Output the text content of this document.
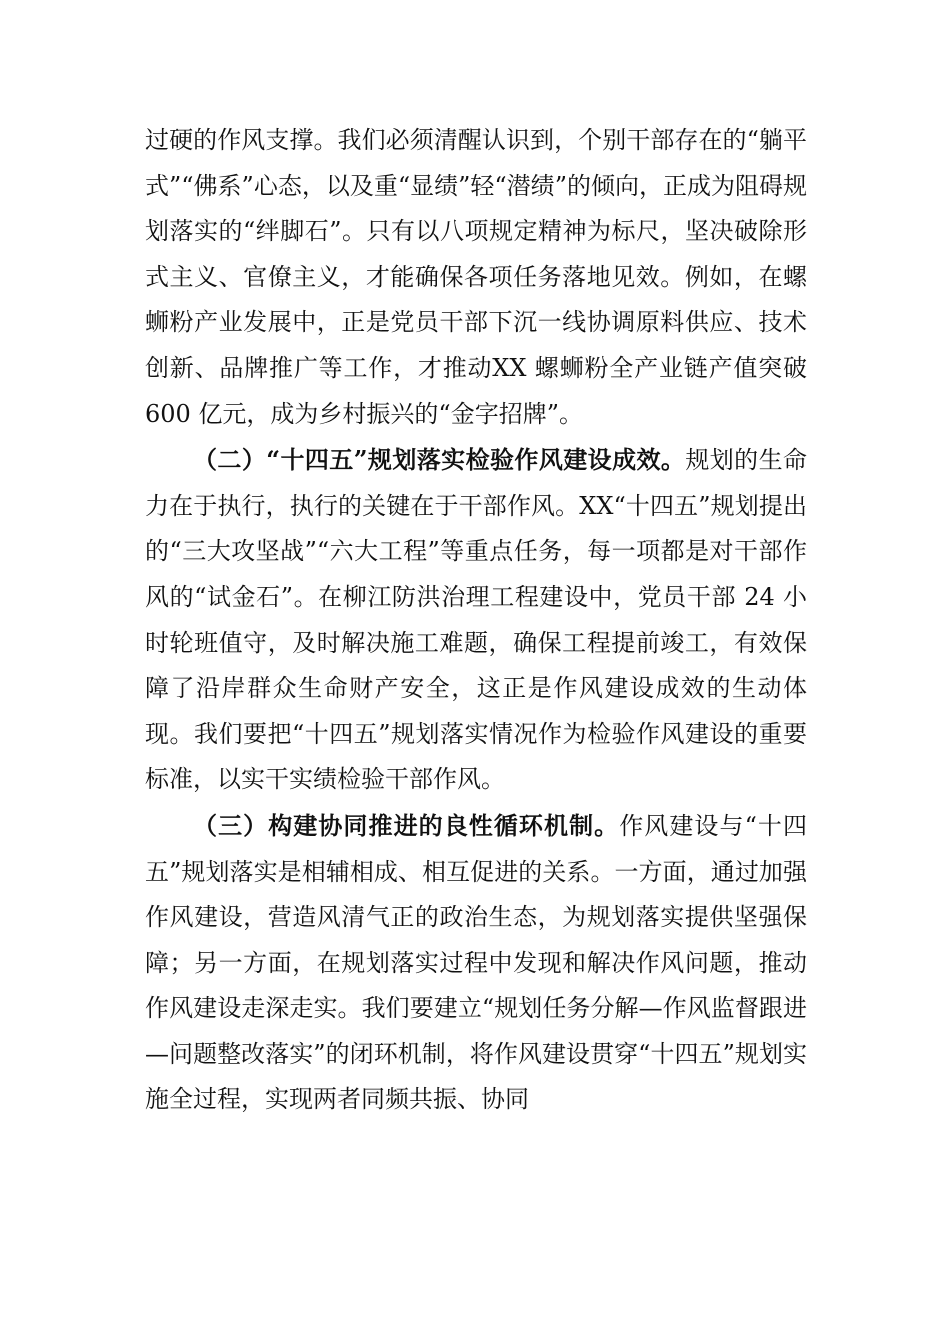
过硬的作风支撑。我们必须清醒认识到，个别干部存在的“躺平式”“佛系”心态，以及重“显绩”轻“潜绩”的倾向，正成为阻碍规划落实的“绊脚石”。只有以八项规定精神为标尺，坚决破除形式主义、官僚主义，才能确保各项任务落地见效。例如，在螺蛳粉产业发展中，正是党员干部下沉一线协调原料供应、技术创新、品牌推广等工作，才推动XX 螺蛳粉全产业链产值突破 600 亿元，成为乡村振兴的“金字招牌”。

（二）“十四五”规划落实检验作风建设成效。规划的生命力在于执行，执行的关键在于干部作风。XX“十四五”规划提出的“三大攻坚战”“六大工程”等重点任务，每一项都是对干部作风的“试金石”。在柳江防洪治理工程建设中，党员干部 24 小时轮班值守，及时解决施工难题，确保工程提前竣工，有效保障了沿岸群众生命财产安全，这正是作风建设成效的生动体现。我们要把“十四五”规划落实情况作为检验作风建设的重要标准，以实干实绩检验干部作风。

（三）构建协同推进的良性循环机制。作风建设与“十四五”规划落实是相辅相成、相互促进的关系。一方面，通过加强作风建设，营造风清气正的政治生态，为规划落实提供坚强保障；另一方面，在规划落实过程中发现和解决作风问题，推动作风建设走深走实。我们要建立“规划任务分解—作风监督跟进—问题整改落实”的闭环机制，将作风建设贯穿“十四五”规划实施全过程，实现两者同频共振、协同
